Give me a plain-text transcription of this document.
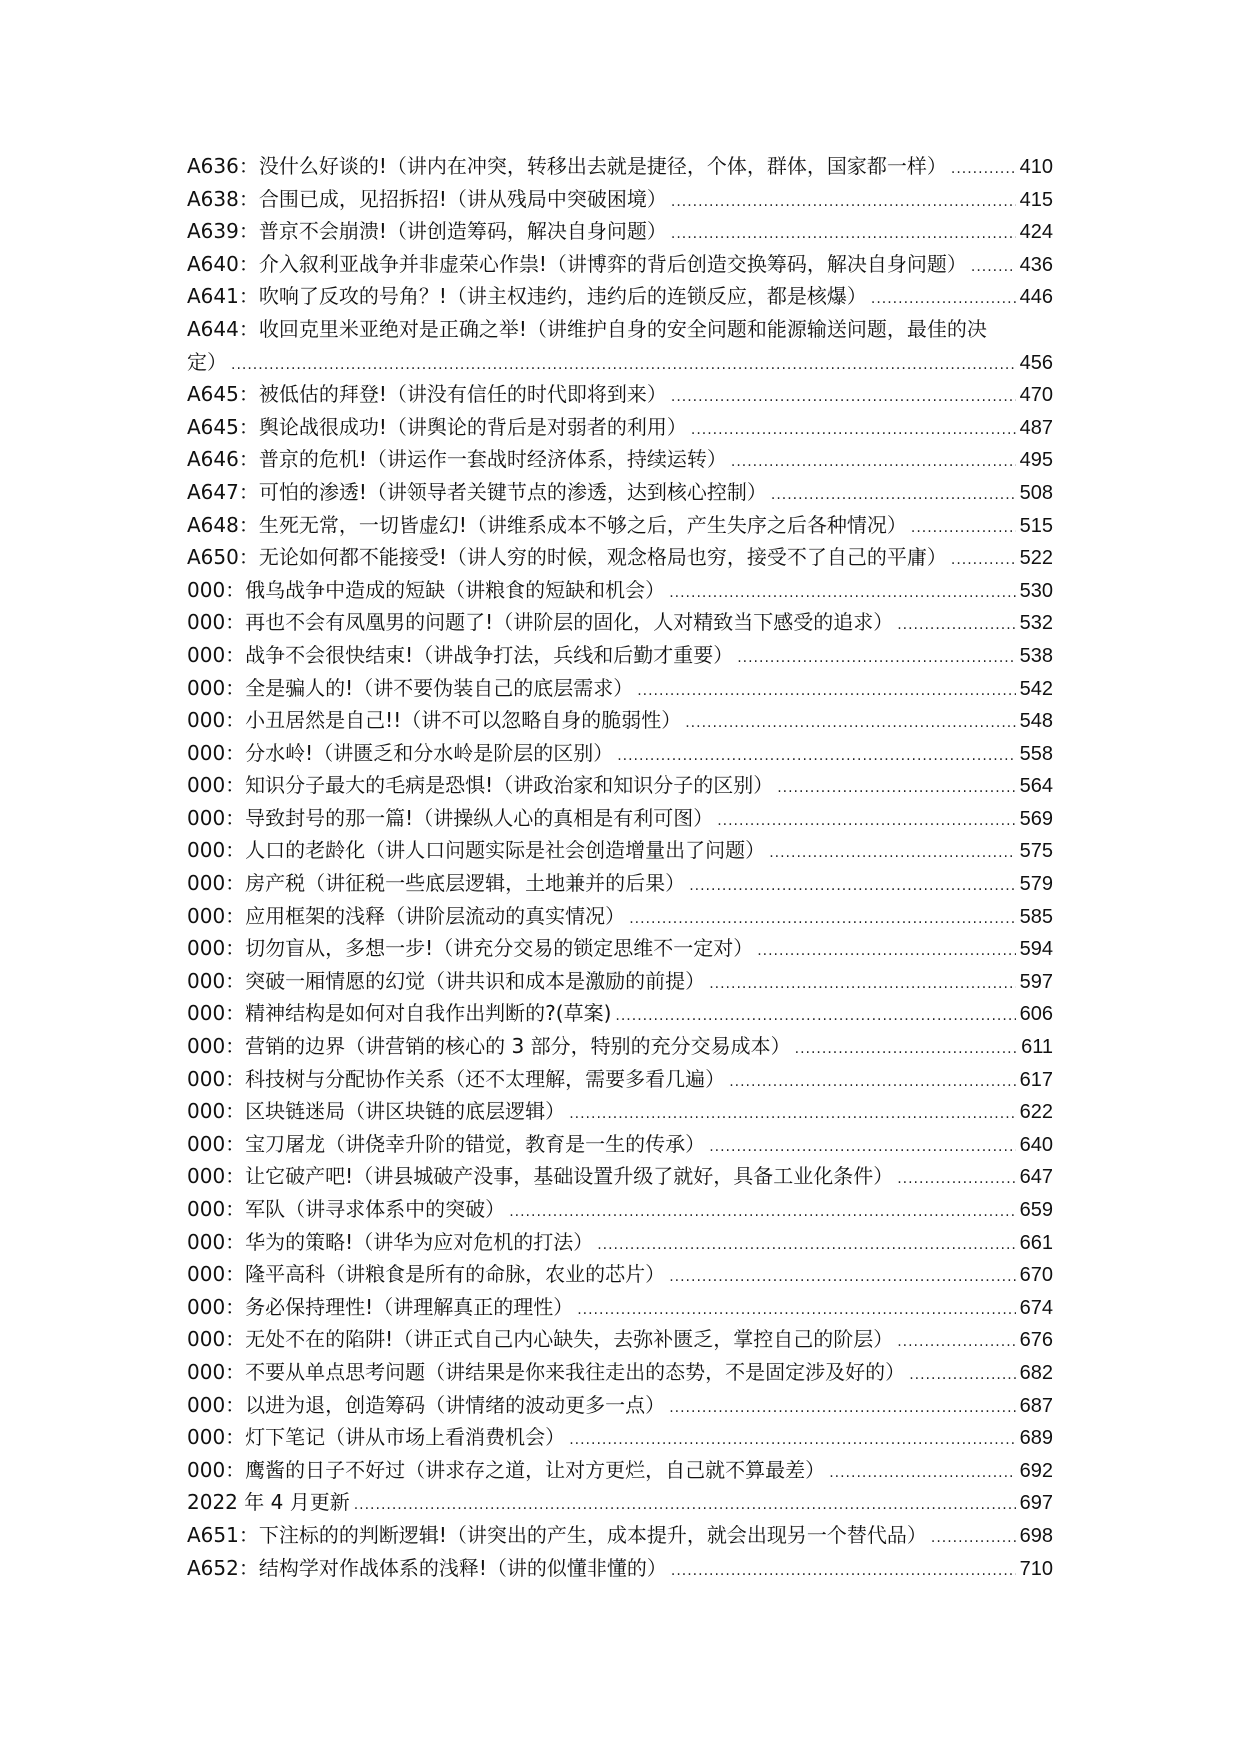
A636：没什么好谈的!（讲内在冲突，转移出去就是捷径，个体，群体，国家都一样） .....	410
A638：合围已成，见招拆招!（讲从残局中突破困境） .....	415
A639：普京不会崩溃!（讲创造筹码，解决自身问题） .....	424
A640：介入叙利亚战争并非虚荣心作祟!（讲博弈的背后创造交换筹码，解决自身问题） .....	436
A641：吹响了反攻的号角？!（讲主权违约，违约后的连锁反应，都是核爆） .....	446
A644：收回克里米亚绝对是正确之举!（讲维护自身的安全问题和能源输送问题，最佳的决
定） .....	456
A645：被低估的拜登!（讲没有信任的时代即将到来） .....	470
A645：舆论战很成功!（讲舆论的背后是对弱者的利用） .....	487
A646：普京的危机!（讲运作一套战时经济体系，持续运转） .....	495
A647：可怕的渗透!（讲领导者关键节点的渗透，达到核心控制） .....	508
A648：生死无常，一切皆虚幻!（讲维系成本不够之后，产生失序之后各种情况） .....	515
A650：无论如何都不能接受!（讲人穷的时候，观念格局也穷，接受不了自己的平庸） .....	522
000：俄乌战争中造成的短缺（讲粮食的短缺和机会） .....	530
000：再也不会有凤凰男的问题了!（讲阶层的固化，人对精致当下感受的追求） .....	532
000：战争不会很快结束!（讲战争打法，兵线和后勤才重要） .....	538
000：全是骗人的!（讲不要伪装自己的底层需求） .....	542
000：小丑居然是自己!!（讲不可以忽略自身的脆弱性） .....	548
000：分水岭!（讲匮乏和分水岭是阶层的区别） .....	558
000：知识分子最大的毛病是恐惧!（讲政治家和知识分子的区别） .....	564
000：导致封号的那一篇!（讲操纵人心的真相是有利可图） .....	569
000：人口的老龄化（讲人口问题实际是社会创造增量出了问题） .....	575
000：房产税（讲征税一些底层逻辑，土地兼并的后果） .....	579
000：应用框架的浅释（讲阶层流动的真实情况） .....	585
000：切勿盲从，多想一步!（讲充分交易的锁定思维不一定对） .....	594
000：突破一厢情愿的幻觉（讲共识和成本是激励的前提） .....	597
000：精神结构是如何对自我作出判断的?(草案) .....	606
000：营销的边界（讲营销的核心的 3 部分，特别的充分交易成本） .....	611
000：科技树与分配协作关系（还不太理解，需要多看几遍） .....	617
000：区块链迷局（讲区块链的底层逻辑） .....	622
000：宝刀屠龙（讲侥幸升阶的错觉，教育是一生的传承） .....	640
000：让它破产吧!（讲县城破产没事，基础设置升级了就好，具备工业化条件） .....	647
000：军队（讲寻求体系中的突破） .....	659
000：华为的策略!（讲华为应对危机的打法） .....	661
000：隆平高科（讲粮食是所有的命脉，农业的芯片） .....	670
000：务必保持理性!（讲理解真正的理性） .....	674
000：无处不在的陷阱!（讲正式自己内心缺失，去弥补匮乏，掌控自己的阶层） .....	676
000：不要从单点思考问题（讲结果是你来我往走出的态势，不是固定涉及好的） .....	682
000：以进为退，创造筹码（讲情绪的波动更多一点） .....	687
000：灯下笔记（讲从市场上看消费机会） .....	689
000：鹰酱的日子不好过（讲求存之道，让对方更烂，自己就不算最差） .....	692
2022 年 4 月更新 .....	697
A651：下注标的的判断逻辑!（讲突出的产生，成本提升，就会出现另一个替代品） .....	698
A652：结构学对作战体系的浅释!（讲的似懂非懂的） .....	710
